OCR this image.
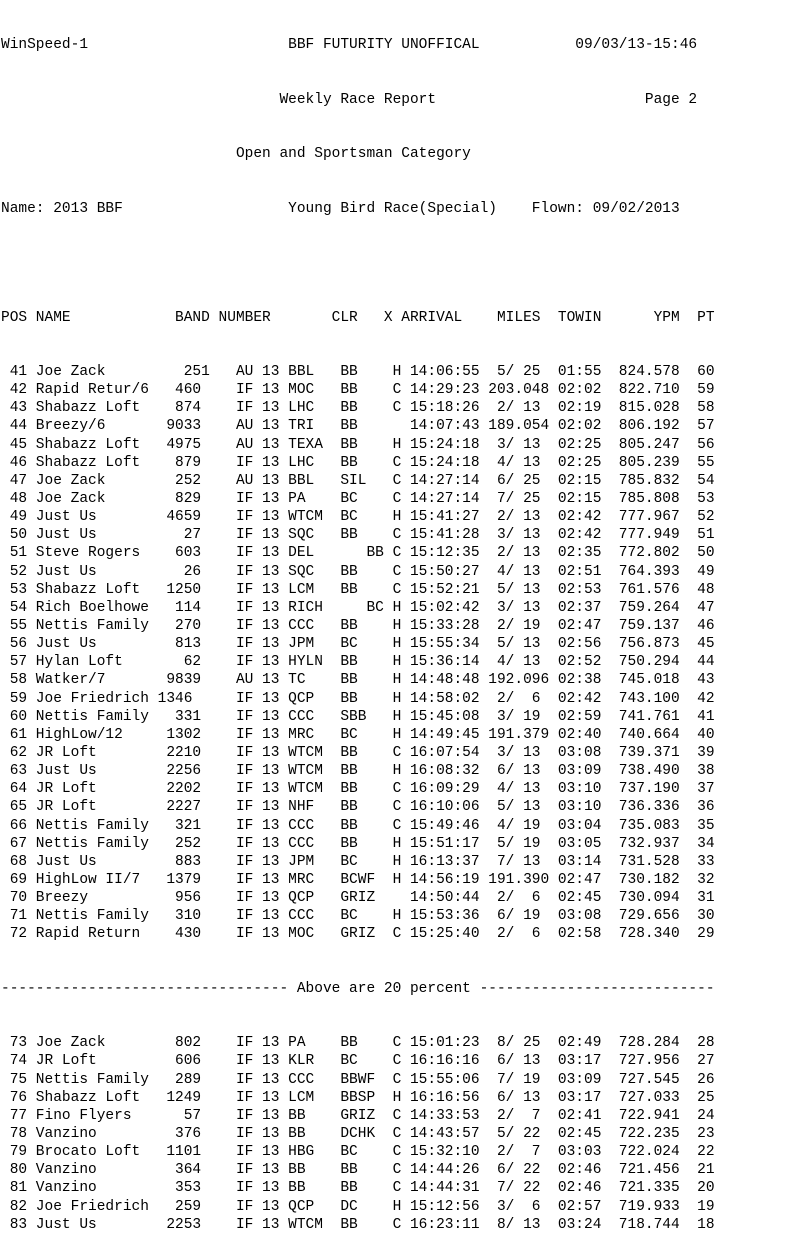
WinSpeed-1                       BBF FUTURITY UNOFFICAL           09/03/13-15:46

Weekly Race Report                        Page 2

Open and Sportsman Category

Name: 2013 BBF                   Young Bird Race(Special)    Flown: 09/02/2013

POS NAME            BAND NUMBER       CLR   X ARRIVAL    MILES  TOWIN      YPM  PT

41 Joe Zack         251   AU 13 BBL   BB    H 14:06:55  5/ 25  01:55  824.578  60
42 Rapid Retur/6   460    IF 13 MOC   BB    C 14:29:23 203.048 02:02  822.710  59
43 Shabazz Loft    874    IF 13 LHC   BB    C 15:18:26  2/ 13  02:19  815.028  58
44 Breezy/6       9033    AU 13 TRI   BB      14:07:43 189.054 02:02  806.192  57
45 Shabazz Loft   4975    AU 13 TEXA  BB    H 15:24:18  3/ 13  02:25  805.247  56
46 Shabazz Loft    879    IF 13 LHC   BB    C 15:24:18  4/ 13  02:25  805.239  55
47 Joe Zack        252    AU 13 BBL   SIL   C 14:27:14  6/ 25  02:15  785.832  54
48 Joe Zack        829    IF 13 PA    BC    C 14:27:14  7/ 25  02:15  785.808  53
49 Just Us        4659    IF 13 WTCM  BC    H 15:41:27  2/ 13  02:42  777.967  52
50 Just Us          27    IF 13 SQC   BB    C 15:41:28  3/ 13  02:42  777.949  51
51 Steve Rogers    603    IF 13 DEL      BB C 15:12:35  2/ 13  02:35  772.802  50
52 Just Us          26    IF 13 SQC   BB    C 15:50:27  4/ 13  02:51  764.393  49
53 Shabazz Loft   1250    IF 13 LCM   BB    C 15:52:21  5/ 13  02:53  761.576  48
54 Rich Boelhowe   114    IF 13 RICH     BC H 15:02:42  3/ 13  02:37  759.264  47
55 Nettis Family   270    IF 13 CCC   BB    H 15:33:28  2/ 19  02:47  759.137  46
56 Just Us         813    IF 13 JPM   BC    H 15:55:34  5/ 13  02:56  756.873  45
57 Hylan Loft       62    IF 13 HYLN  BB    H 15:36:14  4/ 13  02:52  750.294  44
58 Watker/7       9839    AU 13 TC    BB    H 14:48:48 192.096 02:38  745.018  43
59 Joe Friedrich 1346     IF 13 QCP   BB    H 14:58:02  2/  6  02:42  743.100  42
60 Nettis Family   331    IF 13 CCC   SBB   H 15:45:08  3/ 19  02:59  741.761  41
61 HighLow/12     1302    IF 13 MRC   BC    H 14:49:45 191.379 02:40  740.664  40
62 JR Loft        2210    IF 13 WTCM  BB    C 16:07:54  3/ 13  03:08  739.371  39
63 Just Us        2256    IF 13 WTCM  BB    H 16:08:32  6/ 13  03:09  738.490  38
64 JR Loft        2202    IF 13 WTCM  BB    C 16:09:29  4/ 13  03:10  737.190  37
65 JR Loft        2227    IF 13 NHF   BB    C 16:10:06  5/ 13  03:10  736.336  36
66 Nettis Family   321    IF 13 CCC   BB    C 15:49:46  4/ 19  03:04  735.083  35
67 Nettis Family   252    IF 13 CCC   BB    H 15:51:17  5/ 19  03:05  732.937  34
68 Just Us         883    IF 13 JPM   BC    H 16:13:37  7/ 13  03:14  731.528  33
69 HighLow II/7   1379    IF 13 MRC   BCWF  H 14:56:19 191.390 02:47  730.182  32
70 Breezy          956    IF 13 QCP   GRIZ    14:50:44  2/  6  02:45  730.094  31
71 Nettis Family   310    IF 13 CCC   BC    H 15:53:36  6/ 19  03:08  729.656  30
72 Rapid Return    430    IF 13 MOC   GRIZ  C 15:25:40  2/  6  02:58  728.340  29

--------------------------------- Above are 20 percent ---------------------------

73 Joe Zack        802    IF 13 PA    BB    C 15:01:23  8/ 25  02:49  728.284  28
74 JR Loft         606    IF 13 KLR   BC    C 16:16:16  6/ 13  03:17  727.956  27
75 Nettis Family   289    IF 13 CCC   BBWF  C 15:55:06  7/ 19  03:09  727.545  26
76 Shabazz Loft   1249    IF 13 LCM   BBSP  H 16:16:56  6/ 13  03:17  727.033  25
77 Fino Flyers      57    IF 13 BB    GRIZ  C 14:33:53  2/  7  02:41  722.941  24
78 Vanzino         376    IF 13 BB    DCHK  C 14:43:57  5/ 22  02:45  722.235  23
79 Brocato Loft   1101    IF 13 HBG   BC    C 15:32:10  2/  7  03:03  722.024  22
80 Vanzino         364    IF 13 BB    BB    C 14:44:26  6/ 22  02:46  721.456  21
81 Vanzino         353    IF 13 BB    BB    C 14:44:31  7/ 22  02:46  721.335  20
82 Joe Friedrich   259    IF 13 QCP   DC    H 15:12:56  3/  6  02:57  719.933  19
83 Just Us        2253    IF 13 WTCM  BB    C 16:23:11  8/ 13  03:24  718.744  18
